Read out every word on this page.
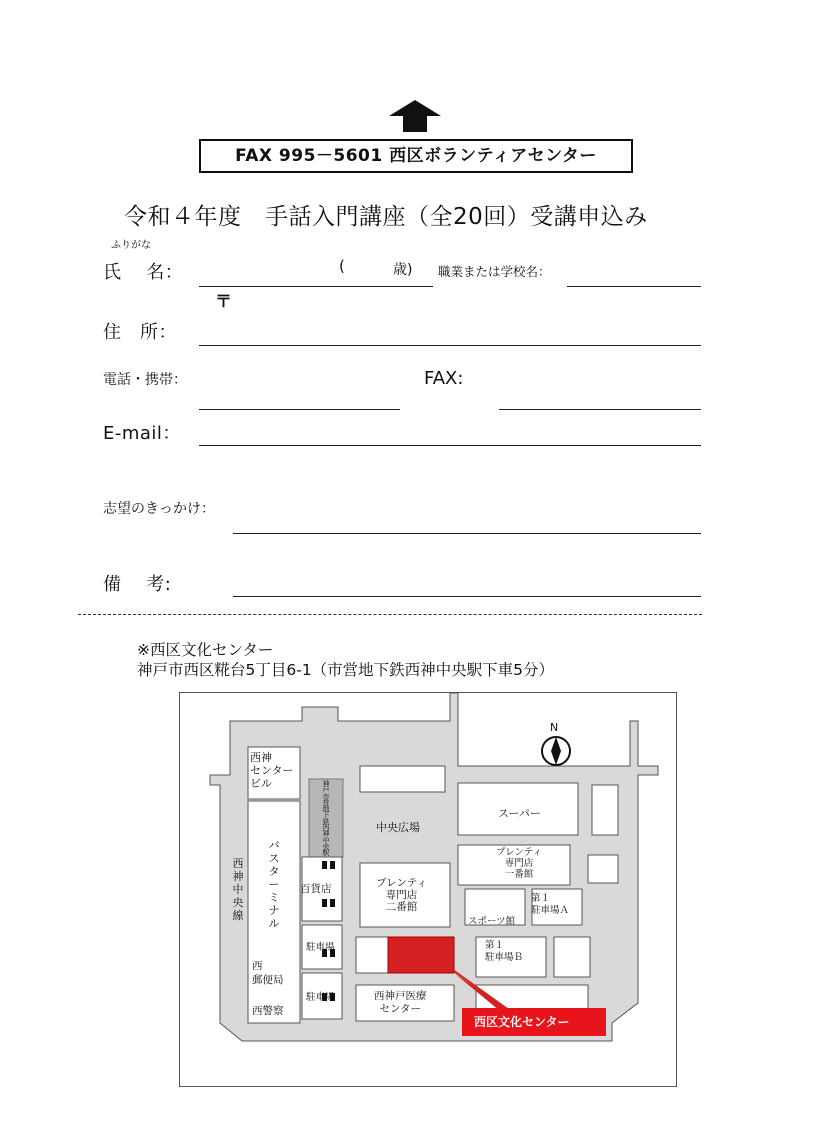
FAX 995－5601 西区ボランティアセンター
令和４年度　手話入門講座（全20回）受講申込み
ふりがな
氏　 名：	(	歳) 職業または学校名：
〒
住　所：
電話・携帯：	FAX:
E-mail：
志望のきっかけ：
備　 考:
※西区文化センター
神戸市西区糀台5丁目6-1（市営地下鉄西神中央駅下車5分）
N
西神
センター
ビル	神
戸
市
営
地
下
鉄
西
神
中
央
駅
中央広場
スーパー
プレンティ
専門店
一番館
バ
ス
タ
ー
ミ
ナ
ル
西
神
中
央
線
百貨店	プレンティ
専門店
二番館
スポーツ館
第１
駐車場Ａ
第１
駐車場Ｂ
駐車場
駐車場
西
郵便局
西警察
西神戸医療
センター
西区文化センター
